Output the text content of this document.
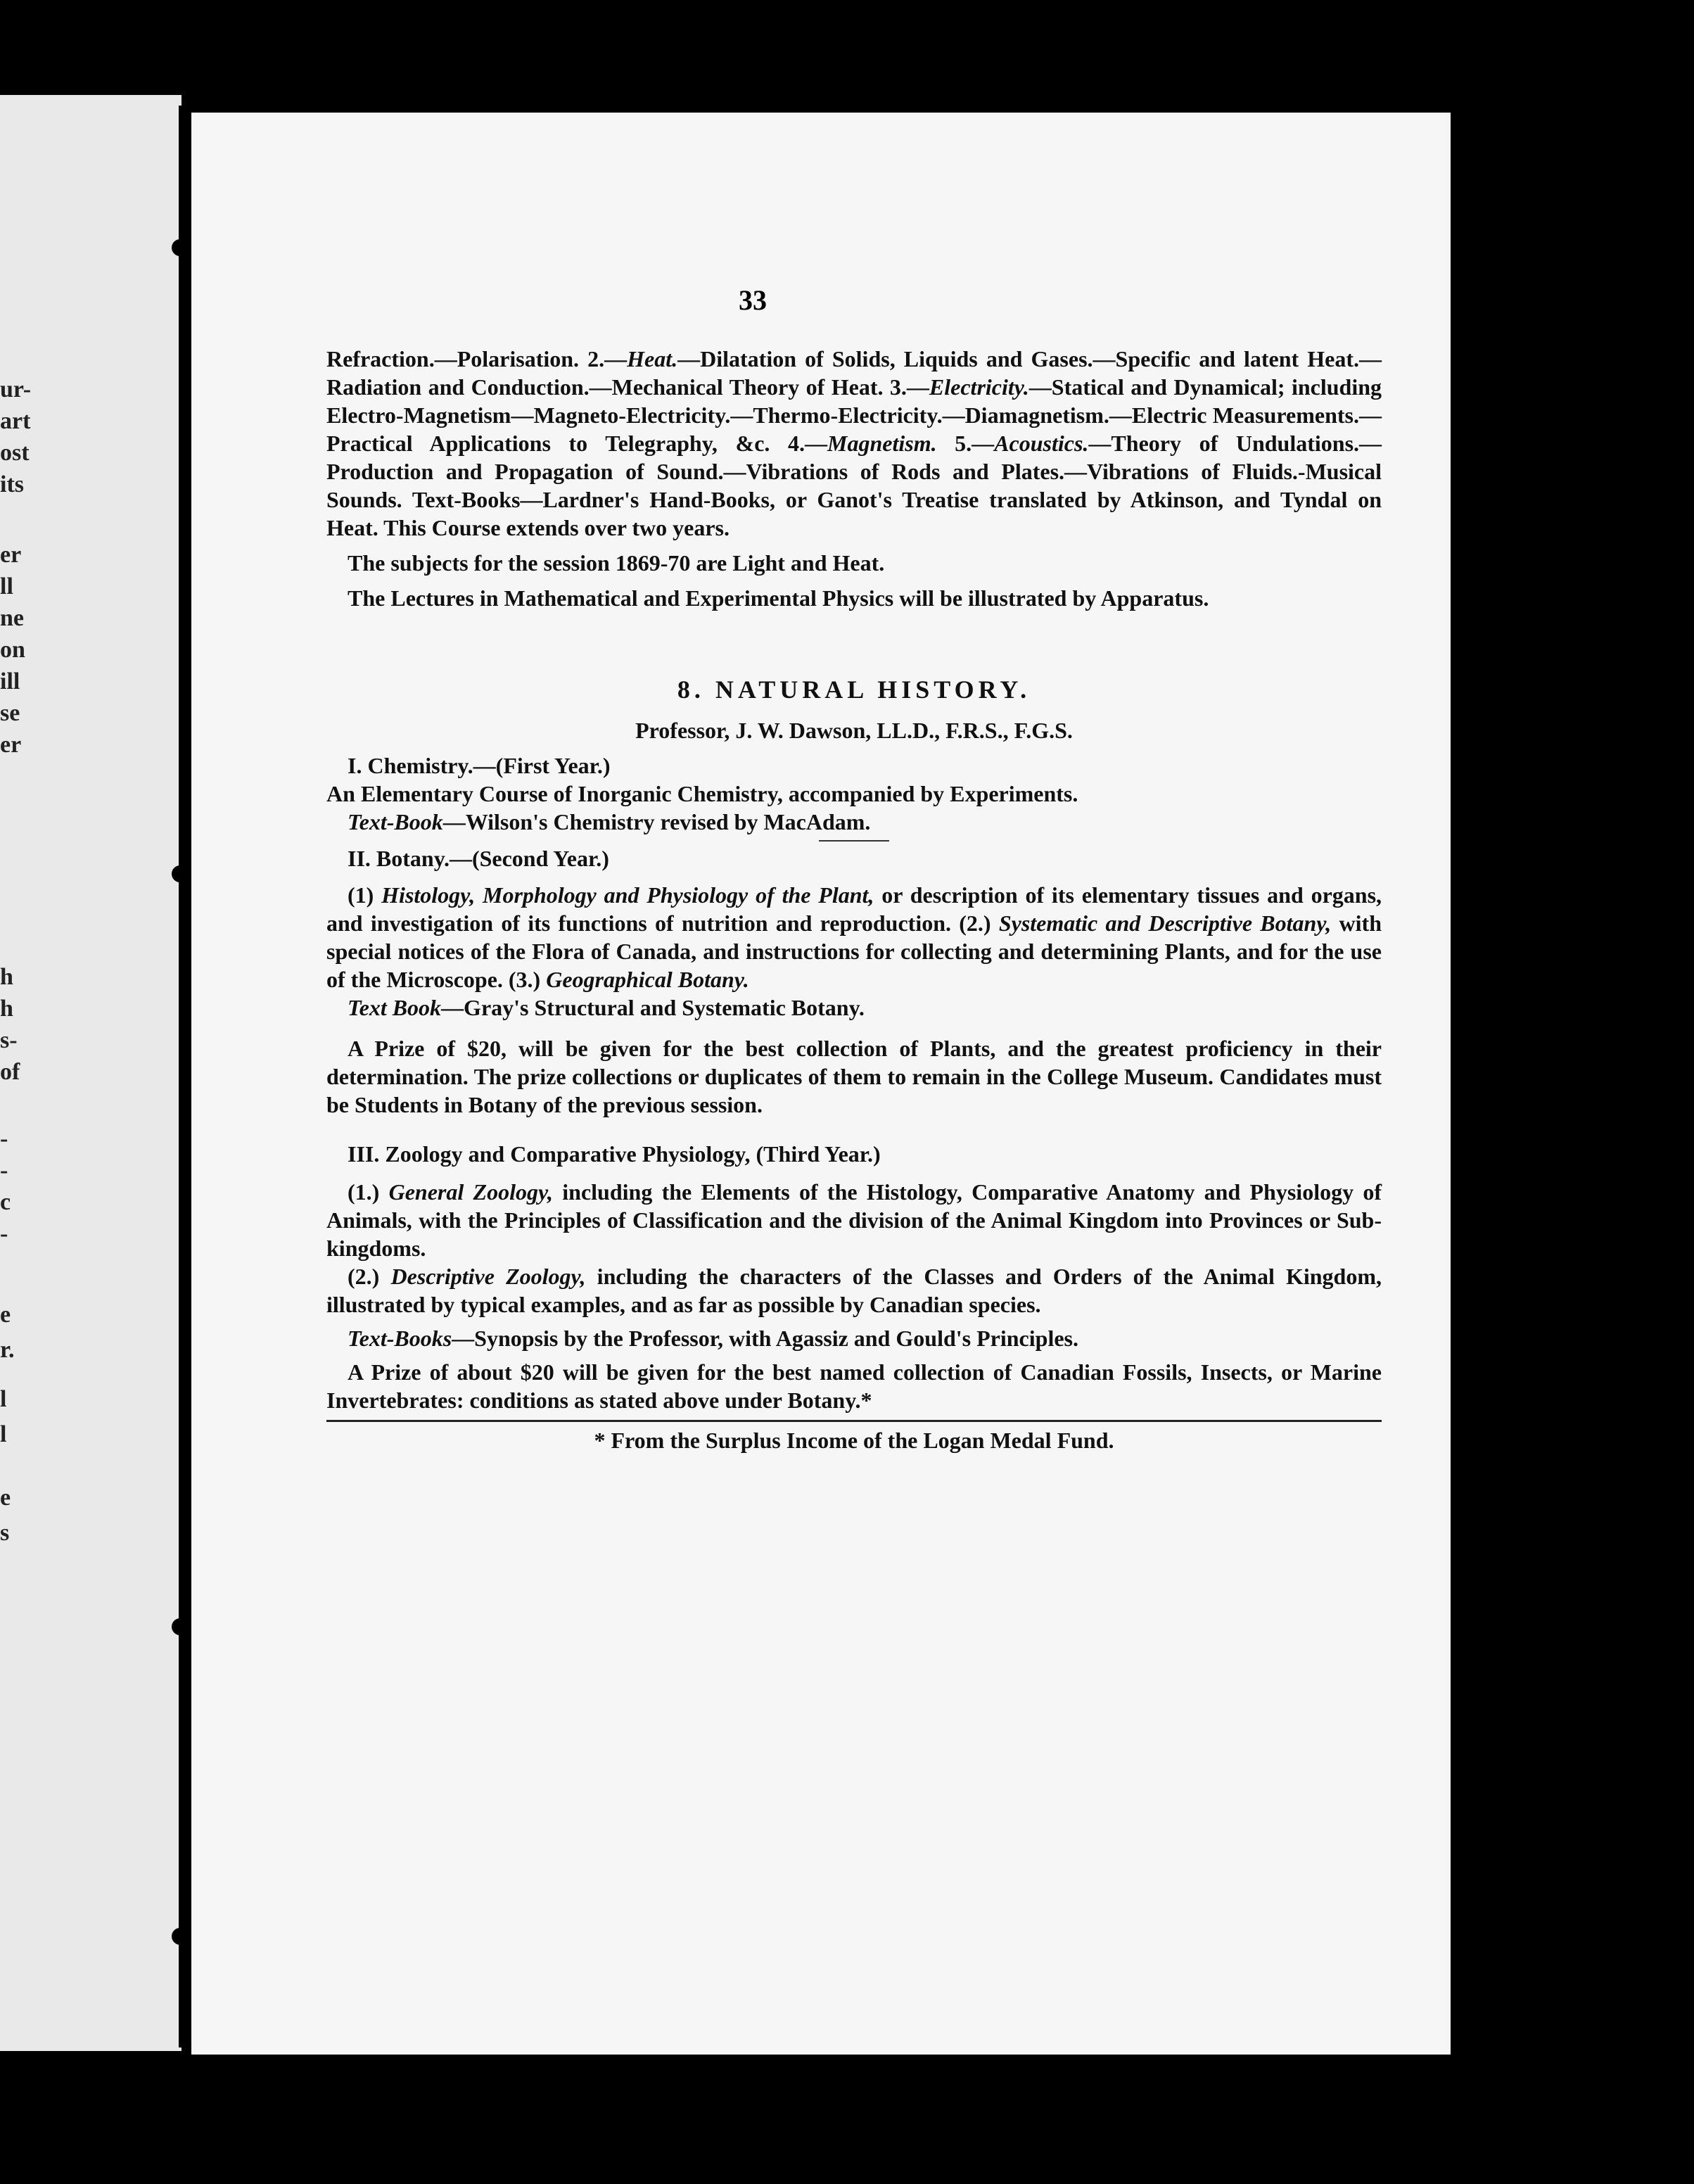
ur-
art
ost
its
er
ll
ne
on
ill
se
er
h
h
s-
of
-
-
c
-
e
r.
l
l
e
s
33

Refraction.—Polarisation. 2.—Heat.—Dilatation of Solids, Liquids and Gases.—Specific and latent Heat.—Radiation and Conduction.—Mechanical Theory of Heat. 3.—Electricity.—Statical and Dynamical; including Electro-Magnetism—Magneto-Electricity.—Thermo-Electricity.—Diamagnetism.—Electric Measurements.—Practical Applications to Telegraphy, &c. 4.—Magnetism. 5.—Acoustics.—Theory of Undulations.—Production and Propagation of Sound.—Vibrations of Rods and Plates.—Vibrations of Fluids.-Musical Sounds. Text-Books—Lardner's Hand-Books, or Ganot's Treatise translated by Atkinson, and Tyndal on Heat. This Course extends over two years.

The subjects for the session 1869-70 are Light and Heat.

The Lectures in Mathematical and Experimental Physics will be illustrated by Apparatus.

8. NATURAL HISTORY.

Professor, J. W. Dawson, LL.D., F.R.S., F.G.S.

I. Chemistry.—(First Year.)

An Elementary Course of Inorganic Chemistry, accompanied by Experiments.

Text-Book—Wilson's Chemistry revised by MacAdam.

II. Botany.—(Second Year.)

(1) Histology, Morphology and Physiology of the Plant, or description of its elementary tissues and organs, and investigation of its functions of nutrition and reproduction. (2.) Systematic and Descriptive Botany, with special notices of the Flora of Canada, and instructions for collecting and determining Plants, and for the use of the Microscope. (3.) Geographical Botany.

Text Book—Gray's Structural and Systematic Botany.

A Prize of $20, will be given for the best collection of Plants, and the greatest proficiency in their determination. The prize collections or duplicates of them to remain in the College Museum. Candidates must be Students in Botany of the previous session.

III. Zoology and Comparative Physiology, (Third Year.)

(1.) General Zoology, including the Elements of the Histology, Comparative Anatomy and Physiology of Animals, with the Principles of Classification and the division of the Animal Kingdom into Provinces or Sub-kingdoms.

(2.) Descriptive Zoology, including the characters of the Classes and Orders of the Animal Kingdom, illustrated by typical examples, and as far as possible by Canadian species.

Text-Books—Synopsis by the Professor, with Agassiz and Gould's Principles.

A Prize of about $20 will be given for the best named collection of Canadian Fossils, Insects, or Marine Invertebrates: conditions as stated above under Botany.*

* From the Surplus Income of the Logan Medal Fund.
